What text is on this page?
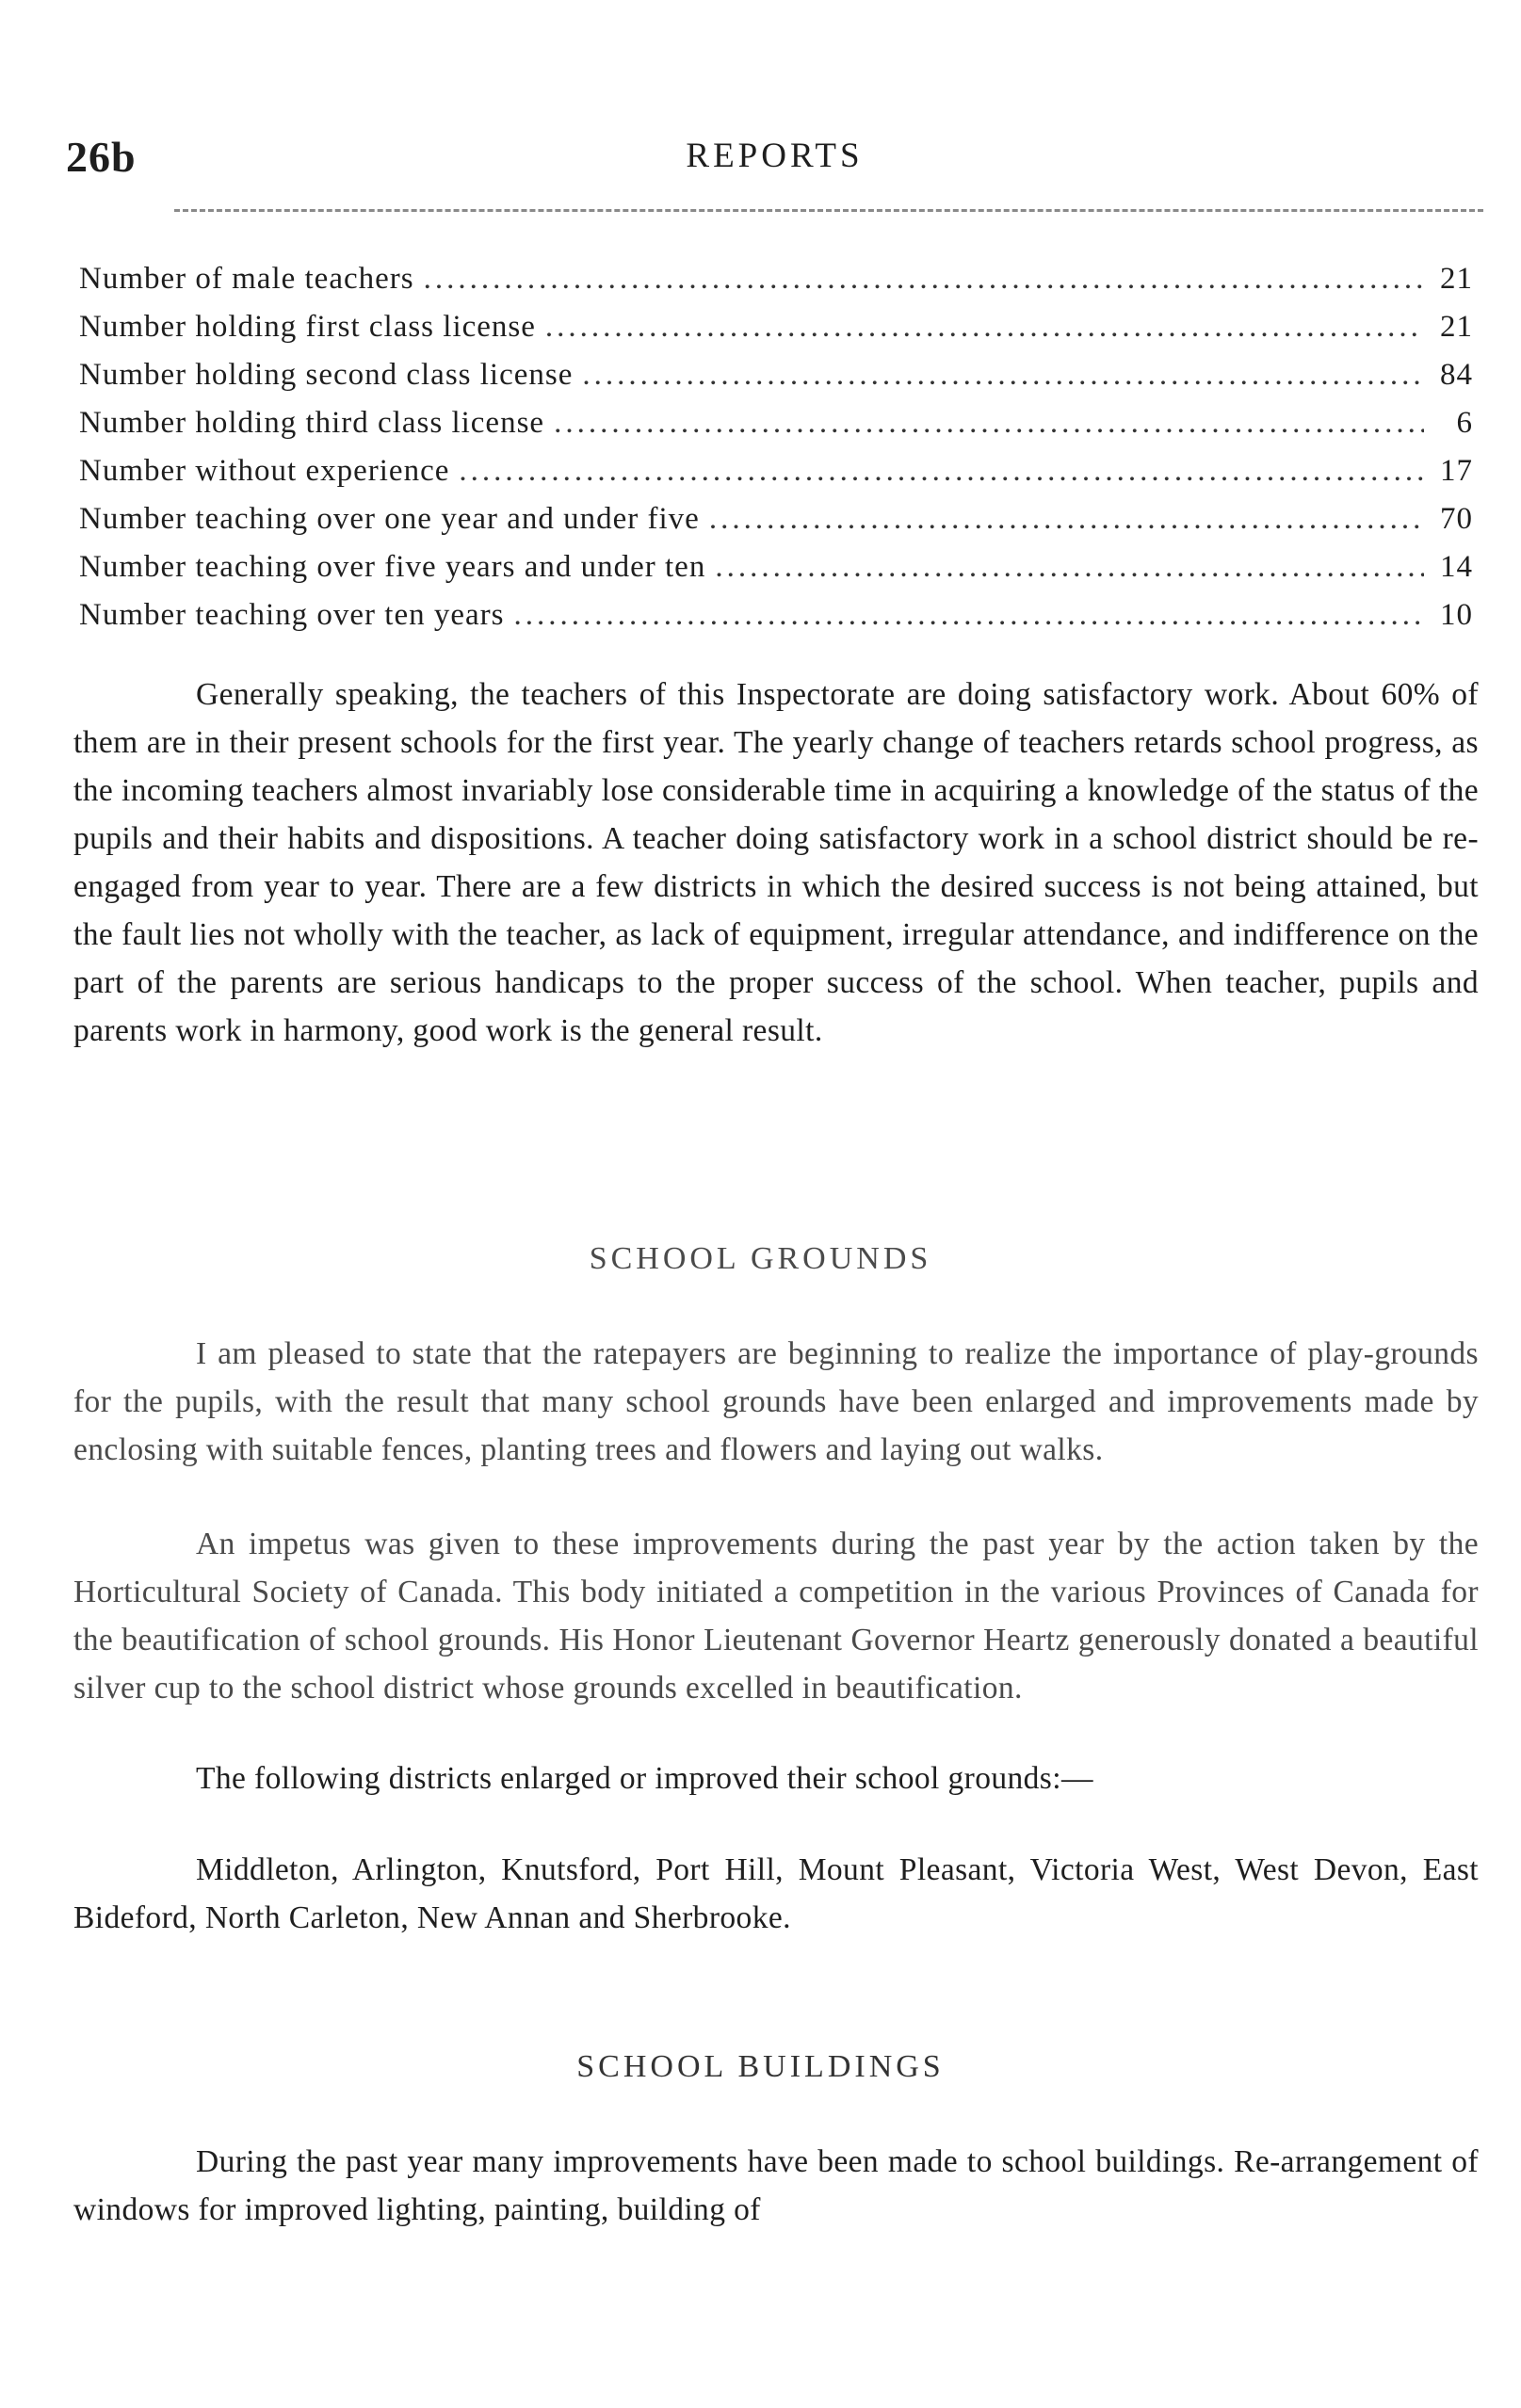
26b	REPORTS
Number of male teachers .....	21
Number holding first class license .....	21
Number holding second class license .....	84
Number holding third class license .....	6
Number without experience .....	17
Number teaching over one year and under five .....	70
Number teaching over five years and under ten .....	14
Number teaching over ten years .....	10

Generally speaking, the teachers of this Inspectorate are doing satisfactory work. About 60% of them are in their present schools for the first year. The yearly change of teachers retards school progress, as the incoming teachers almost invariably lose considerable time in acquiring a knowledge of the status of the pupils and their habits and dispositions. A teacher doing satisfactory work in a school district should be re-engaged from year to year. There are a few districts in which the desired success is not being attained, but the fault lies not wholly with the teacher, as lack of equipment, irregular attendance, and indifference on the part of the parents are serious handicaps to the proper success of the school. When teacher, pupils and parents work in harmony, good work is the general result.

SCHOOL GROUNDS

I am pleased to state that the ratepayers are beginning to realize the importance of play-grounds for the pupils, with the result that many school grounds have been enlarged and improvements made by enclosing with suitable fences, planting trees and flowers and laying out walks.

An impetus was given to these improvements during the past year by the action taken by the Horticultural Society of Canada. This body initiated a competition in the various Provinces of Canada for the beautification of school grounds. His Honor Lieutenant Governor Heartz generously donated a beautiful silver cup to the school district whose grounds excelled in beautification.

The following districts enlarged or improved their school grounds:—

Middleton, Arlington, Knutsford, Port Hill, Mount Pleasant, Victoria West, West Devon, East Bideford, North Carleton, New Annan and Sherbrooke.

SCHOOL BUILDINGS

During the past year many improvements have been made to school buildings. Re-arrangement of windows for improved lighting, painting, building of
